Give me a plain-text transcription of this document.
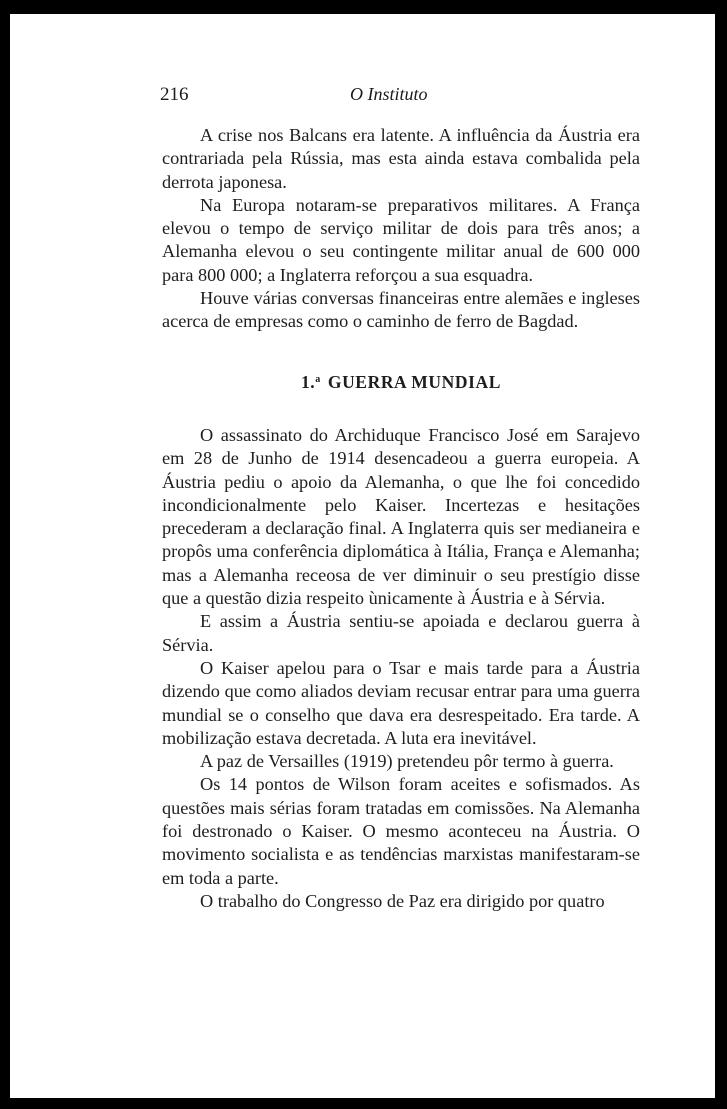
216	O Instituto

A crise nos Balcans era latente. A influência da Áustria era contrariada pela Rússia, mas esta ainda estava combalida pela derrota japonesa.

Na Europa notaram-se preparativos militares. A França elevou o tempo de serviço militar de dois para três anos; a Alemanha elevou o seu contingente militar anual de 600 000 para 800 000; a Inglaterra reforçou a sua esquadra.

Houve várias conversas financeiras entre alemães e ingleses acerca de empresas como o caminho de ferro de Bagdad.

1.$^a$ GUERRA MUNDIAL

O assassinato do Archiduque Francisco José em Sarajevo em 28 de Junho de 1914 desencadeou a guerra europeia. A Áustria pediu o apoio da Alemanha, o que lhe foi concedido incondicionalmente pelo Kaiser. Incertezas e hesitações precederam a declaração final. A Inglaterra quis ser medianeira e propôs uma conferência diplomática à Itália, França e Alemanha; mas a Alemanha receosa de ver diminuir o seu prestígio disse que a questão dizia respeito ùnicamente à Áustria e à Sérvia.

E assim a Áustria sentiu-se apoiada e declarou guerra à Sérvia.

O Kaiser apelou para o Tsar e mais tarde para a Áustria dizendo que como aliados deviam recusar entrar para uma guerra mundial se o conselho que dava era desrespeitado. Era tarde. A mobilização estava decretada. A luta era inevitável.

A paz de Versailles (1919) pretendeu pôr termo à guerra.

Os 14 pontos de Wilson foram aceites e sofismados. As questões mais sérias foram tratadas em comissões. Na Alemanha foi destronado o Kaiser. O mesmo aconteceu na Áustria. O movimento socialista e as tendências marxistas manifestaram-se em toda a parte.

O trabalho do Congresso de Paz era dirigido por quatro
